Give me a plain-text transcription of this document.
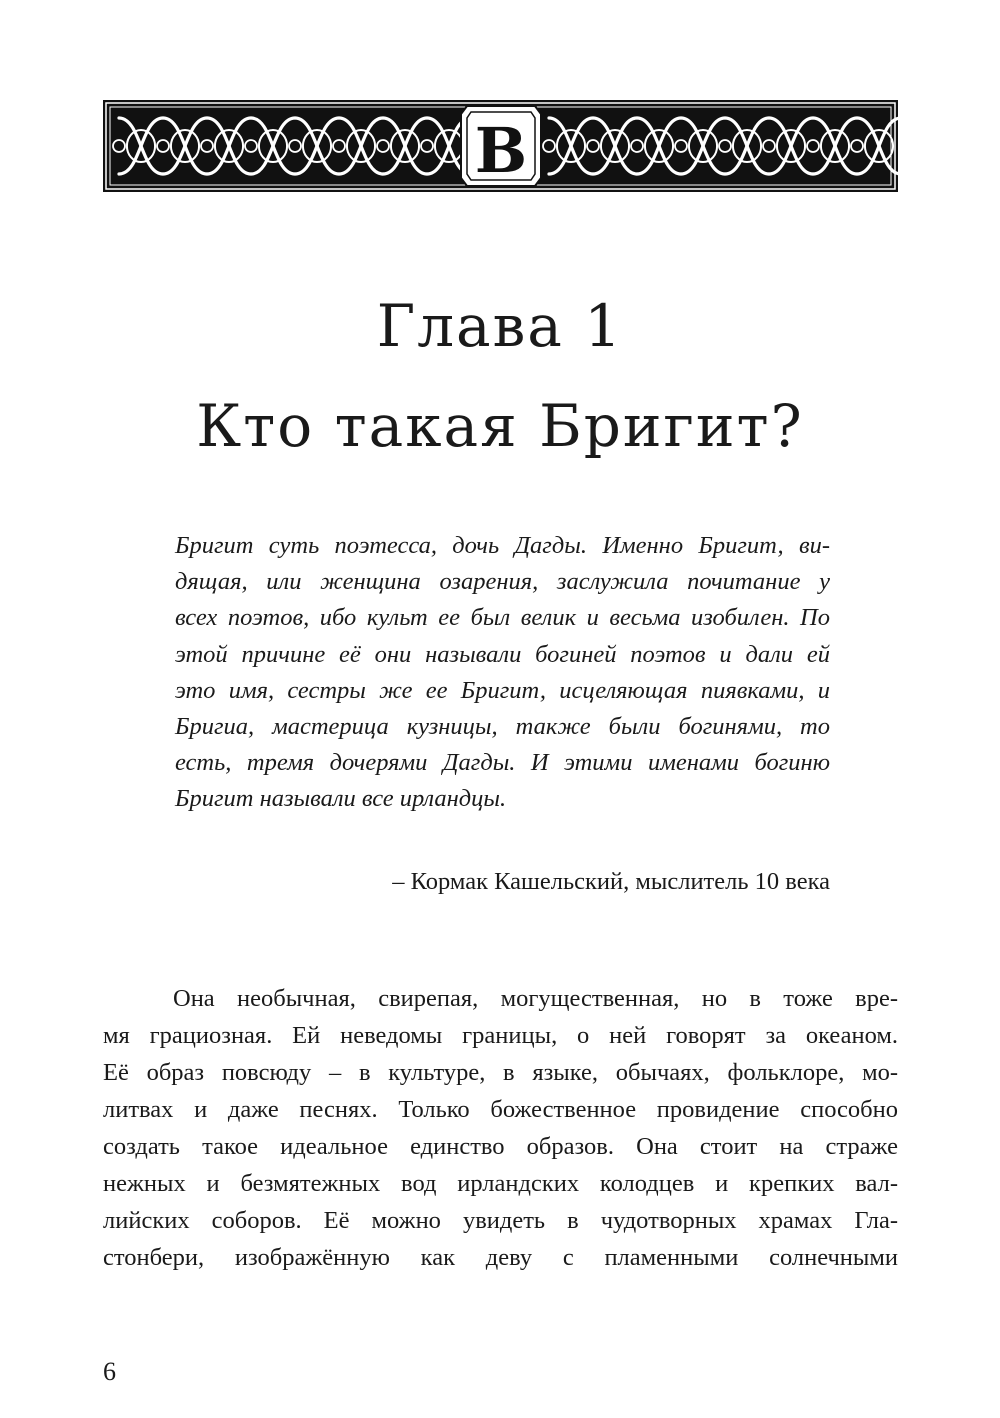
В
Глава 1
Кто такая Бригит?
Бригит суть поэтесса, дочь Дагды. Именно Бригит, ви-
дящая, или женщина озарения, заслужила почитание у
всех поэтов, ибо культ ее был велик и весьма изобилен. По
этой причине её они называли богиней поэтов и дали ей
это имя, сестры же ее Бригит, исцеляющая пиявками, и
Бригиа, мастерица кузницы, также были богинями, то
есть, тремя дочерями Дагды. И этими именами богиню
Бригит называли все ирландцы.

– Кормак Кашельский, мыслитель 10 века

Она необычная, свирепая, могущественная, но в тоже вре-
мя грациозная. Ей неведомы границы, о ней говорят за океаном.
Её образ повсюду – в культуре, в языке, обычаях, фольклоре, мо-
литвах и даже песнях. Только божественное провидение способно
создать такое идеальное единство образов. Она стоит на страже
нежных и безмятежных вод ирландских колодцев и крепких вал-
лийских соборов. Её можно увидеть в чудотворных храмах Гла-
стонбери, изображённую как деву с пламенными солнечными

6
